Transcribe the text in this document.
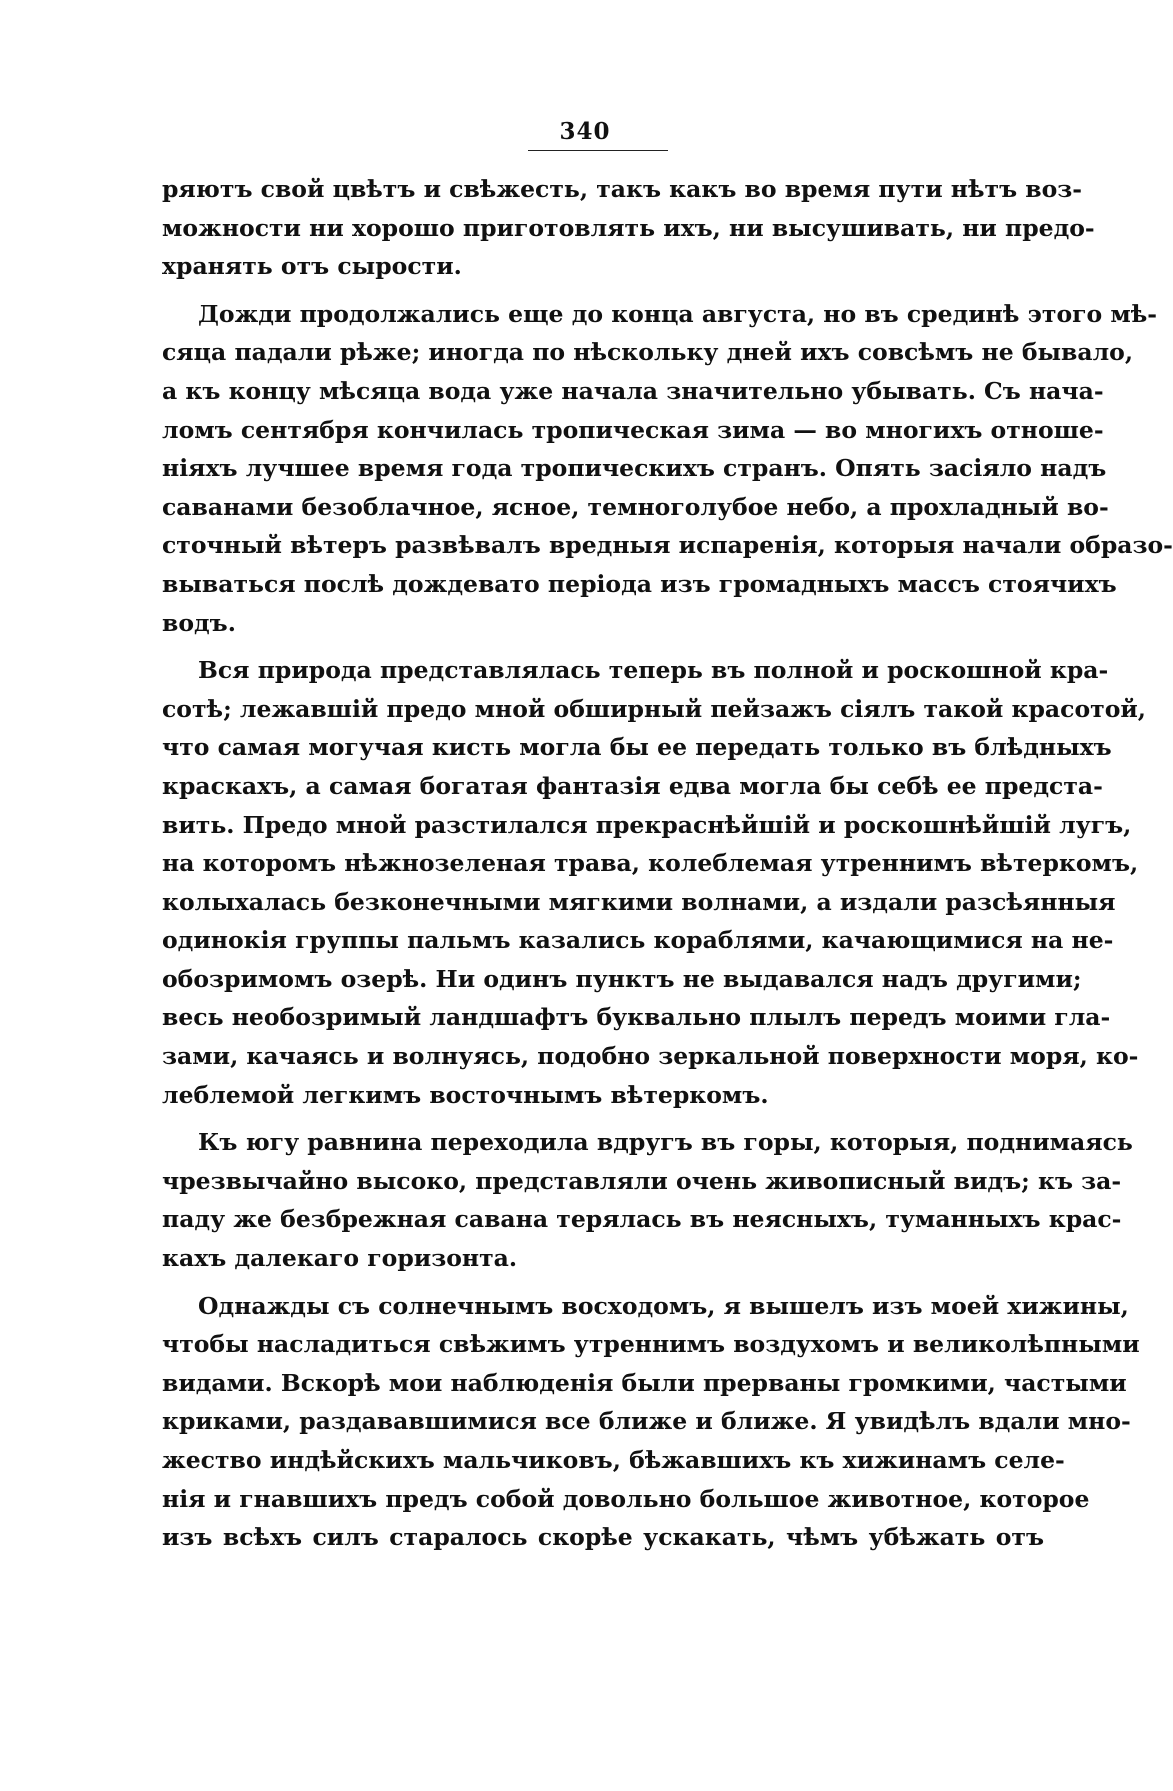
340
ряютъ свой цвѣтъ и свѣжесть, такъ какъ во время пути нѣтъ воз-
можности ни хорошо приготовлять ихъ, ни высушивать, ни предо-
хранять отъ сырости.
Дожди продолжались еще до конца августа, но въ срединѣ этого мѣ-
сяца падали рѣже; иногда по нѣскольку дней ихъ совсѣмъ не бывало,
а къ концу мѣсяца вода уже начала значительно убывать. Съ нача-
ломъ сентября кончилась тропическая зима — во многихъ отноше-
ніяхъ лучшее время года тропическихъ странъ. Опять засіяло надъ
саванами безоблачное, ясное, темноголубое небо, а прохладный во-
сточный вѣтеръ развѣвалъ вредныя испаренія, которыя начали образо-
вываться послѣ дождевато періода изъ громадныхъ массъ стоячихъ
водъ.
Вся природа представлялась теперь въ полной и роскошной кра-
сотѣ; лежавшій предо мной обширный пейзажъ сіялъ такой красотой,
что самая могучая кисть могла бы ее передать только въ блѣдныхъ
краскахъ, а самая богатая фантазія едва могла бы себѣ ее предста-
вить. Предо мной разстилался прекраснѣйшій и роскошнѣйшій лугъ,
на которомъ нѣжнозеленая трава, колеблемая утреннимъ вѣтеркомъ,
колыхалась безконечными мягкими волнами, а издали разсѣянныя
одинокія группы пальмъ казались кораблями, качающимися на не-
обозримомъ озерѣ. Ни одинъ пунктъ не выдавался надъ другими;
весь необозримый ландшафтъ буквально плылъ передъ моими гла-
зами, качаясь и волнуясь, подобно зеркальной поверхности моря, ко-
леблемой легкимъ восточнымъ вѣтеркомъ.
Къ югу равнина переходила вдругъ въ горы, которыя, поднимаясь
чрезвычайно высоко, представляли очень живописный видъ; къ за-
паду же безбрежная савана терялась въ неясныхъ, туманныхъ крас-
кахъ далекаго горизонта.
Однажды съ солнечнымъ восходомъ, я вышелъ изъ моей хижины,
чтобы насладиться свѣжимъ утреннимъ воздухомъ и великолѣпными
видами. Вскорѣ мои наблюденія были прерваны громкими, частыми
криками, раздававшимися все ближе и ближе. Я увидѣлъ вдали мно-
жество индѣйскихъ мальчиковъ, бѣжавшихъ къ хижинамъ селе-
нія и гнавшихъ предъ собой довольно большое животное, которое
изъ всѣхъ силъ старалось скорѣе ускакать, чѣмъ убѣжать отъ
